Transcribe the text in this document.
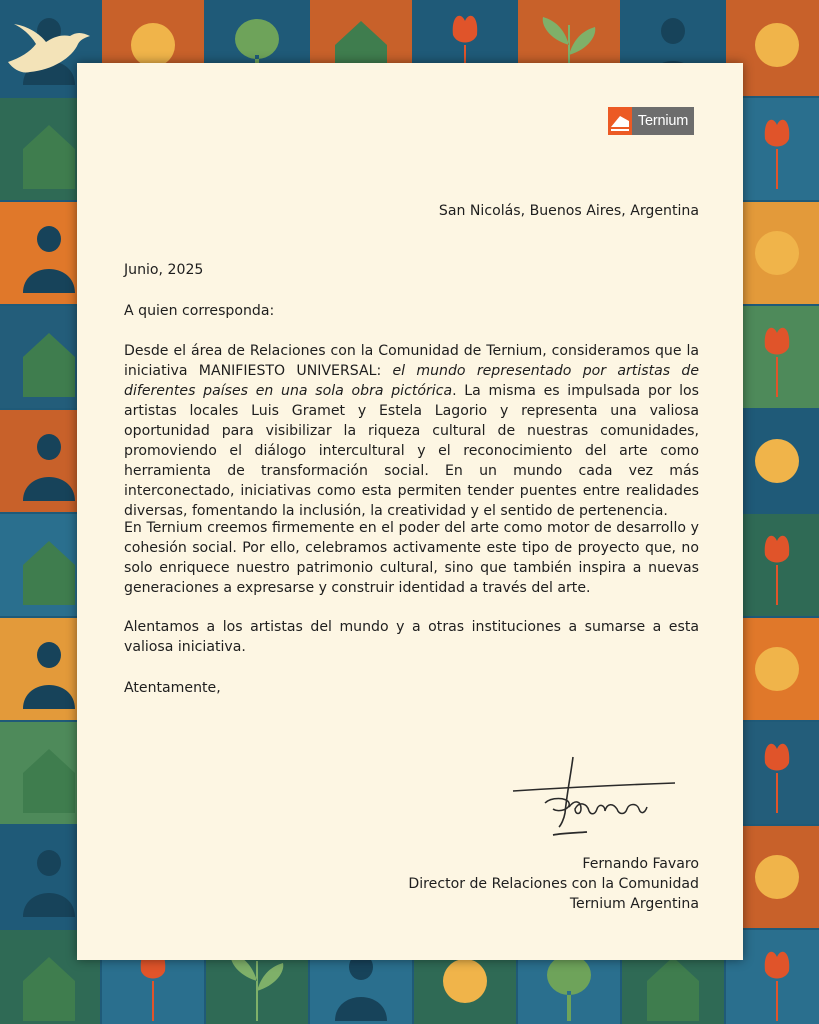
Ternium
San Nicolás, Buenos Aires, Argentina
Junio, 2025
A quien corresponda:
Desde el área de Relaciones con la Comunidad de Ternium, consideramos que la iniciativa MANIFIESTO UNIVERSAL: el mundo representado por artistas de diferentes países en una sola obra pictórica. La misma es impulsada por los artistas locales Luis Gramet y Estela Lagorio y representa una valiosa oportunidad para visibilizar la riqueza cultural de nuestras comunidades, promoviendo el diálogo intercultural y el reconocimiento del arte como herramienta de transformación social. En un mundo cada vez más interconectado, iniciativas como esta permiten tender puentes entre realidades diversas, fomentando la inclusión, la creatividad y el sentido de pertenencia.
En Ternium creemos firmemente en el poder del arte como motor de desarrollo y cohesión social. Por ello, celebramos activamente este tipo de proyecto que, no solo enriquece nuestro patrimonio cultural, sino que también inspira a nuevas generaciones a expresarse y construir identidad a través del arte.
Alentamos a los artistas del mundo y a otras instituciones a sumarse a esta valiosa iniciativa.
Atentamente,
Fernando Favaro
Director de Relaciones con la Comunidad
Ternium Argentina
